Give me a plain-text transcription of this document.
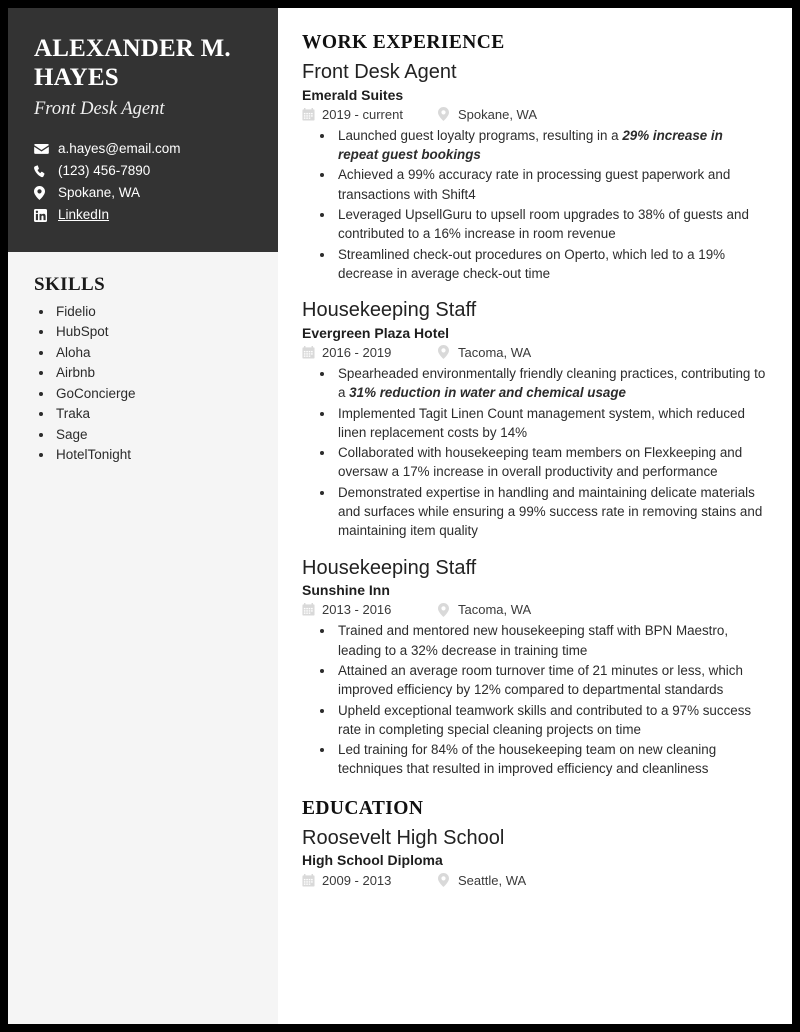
ALEXANDER M. HAYES
Front Desk Agent
a.hayes@email.com
(123) 456-7890
Spokane, WA
LinkedIn
SKILLS
• Fidelio
• HubSpot
• Aloha
• Airbnb
• GoConcierge
• Traka
• Sage
• HotelTonight
WORK EXPERIENCE
Front Desk Agent
Emerald Suites
2019 - current	Spokane, WA
• Launched guest loyalty programs, resulting in a 29% increase in repeat guest bookings
• Achieved a 99% accuracy rate in processing guest paperwork and transactions with Shift4
• Leveraged UpsellGuru to upsell room upgrades to 38% of guests and contributed to a 16% increase in room revenue
• Streamlined check-out procedures on Operto, which led to a 19% decrease in average check-out time
Housekeeping Staff
Evergreen Plaza Hotel
2016 - 2019	Tacoma, WA
• Spearheaded environmentally friendly cleaning practices, contributing to a 31% reduction in water and chemical usage
• Implemented Tagit Linen Count management system, which reduced linen replacement costs by 14%
• Collaborated with housekeeping team members on Flexkeeping and oversaw a 17% increase in overall productivity and performance
• Demonstrated expertise in handling and maintaining delicate materials and surfaces while ensuring a 99% success rate in removing stains and maintaining item quality
Housekeeping Staff
Sunshine Inn
2013 - 2016	Tacoma, WA
• Trained and mentored new housekeeping staff with BPN Maestro, leading to a 32% decrease in training time
• Attained an average room turnover time of 21 minutes or less, which improved efficiency by 12% compared to departmental standards
• Upheld exceptional teamwork skills and contributed to a 97% success rate in completing special cleaning projects on time
• Led training for 84% of the housekeeping team on new cleaning techniques that resulted in improved efficiency and cleanliness
EDUCATION
Roosevelt High School
High School Diploma
2009 - 2013	Seattle, WA
